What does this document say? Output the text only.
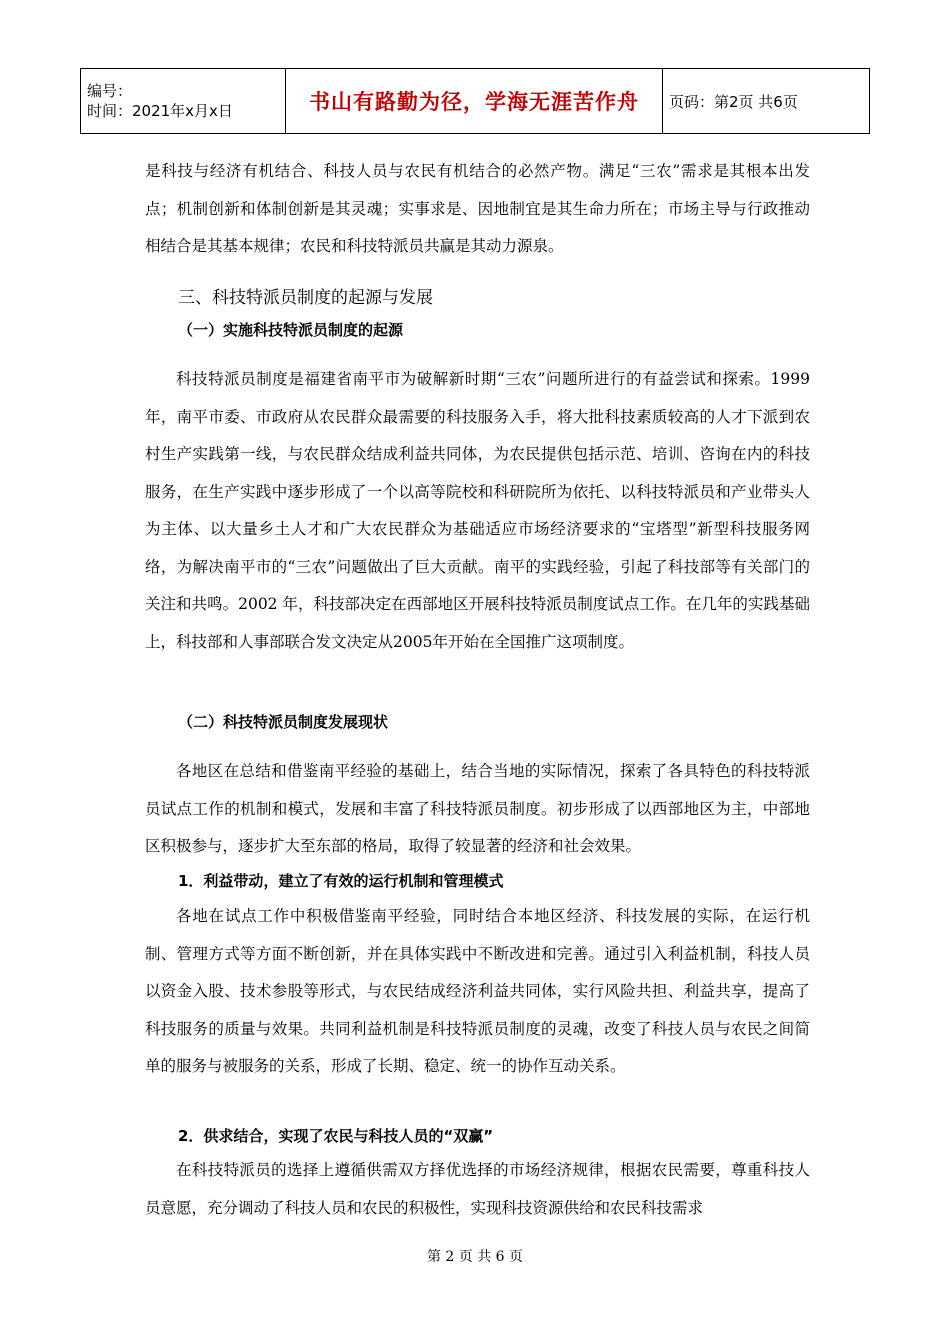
编号：
时间：2021年x月x日	书山有路勤为径，学海无涯苦作舟	页码：第2页 共6页

是科技与经济有机结合、科技人员与农民有机结合的必然产物。满足“三农”需求是其根本出发点；机制创新和体制创新是其灵魂；实事求是、因地制宜是其生命力所在；市场主导与行政推动相结合是其基本规律；农民和科技特派员共赢是其动力源泉。

三、科技特派员制度的起源与发展

（一）实施科技特派员制度的起源

科技特派员制度是福建省南平市为破解新时期“三农”问题所进行的有益尝试和探索。1999 年，南平市委、市政府从农民群众最需要的科技服务入手，将大批科技素质较高的人才下派到农村生产实践第一线，与农民群众结成利益共同体，为农民提供包括示范、培训、咨询在内的科技服务，在生产实践中逐步形成了一个以高等院校和科研院所为依托、以科技特派员和产业带头人为主体、以大量乡土人才和广大农民群众为基础适应市场经济要求的“宝塔型”新型科技服务网络，为解决南平市的“三农”问题做出了巨大贡献。南平的实践经验，引起了科技部等有关部门的关注和共鸣。2002 年，科技部决定在西部地区开展科技特派员制度试点工作。在几年的实践基础上，科技部和人事部联合发文决定从2005年开始在全国推广这项制度。

（二）科技特派员制度发展现状

各地区在总结和借鉴南平经验的基础上，结合当地的实际情况，探索了各具特色的科技特派员试点工作的机制和模式，发展和丰富了科技特派员制度。初步形成了以西部地区为主，中部地区积极参与，逐步扩大至东部的格局，取得了较显著的经济和社会效果。

1．利益带动，建立了有效的运行机制和管理模式

各地在试点工作中积极借鉴南平经验，同时结合本地区经济、科技发展的实际，在运行机制、管理方式等方面不断创新，并在具体实践中不断改进和完善。通过引入利益机制，科技人员以资金入股、技术参股等形式，与农民结成经济利益共同体，实行风险共担、利益共享，提高了科技服务的质量与效果。共同利益机制是科技特派员制度的灵魂，改变了科技人员与农民之间简单的服务与被服务的关系，形成了长期、稳定、统一的协作互动关系。

2．供求结合，实现了农民与科技人员的“双赢”

在科技特派员的选择上遵循供需双方择优选择的市场经济规律，根据农民需要，尊重科技人员意愿，充分调动了科技人员和农民的积极性，实现科技资源供给和农民科技需求

第 2 页 共 6 页
